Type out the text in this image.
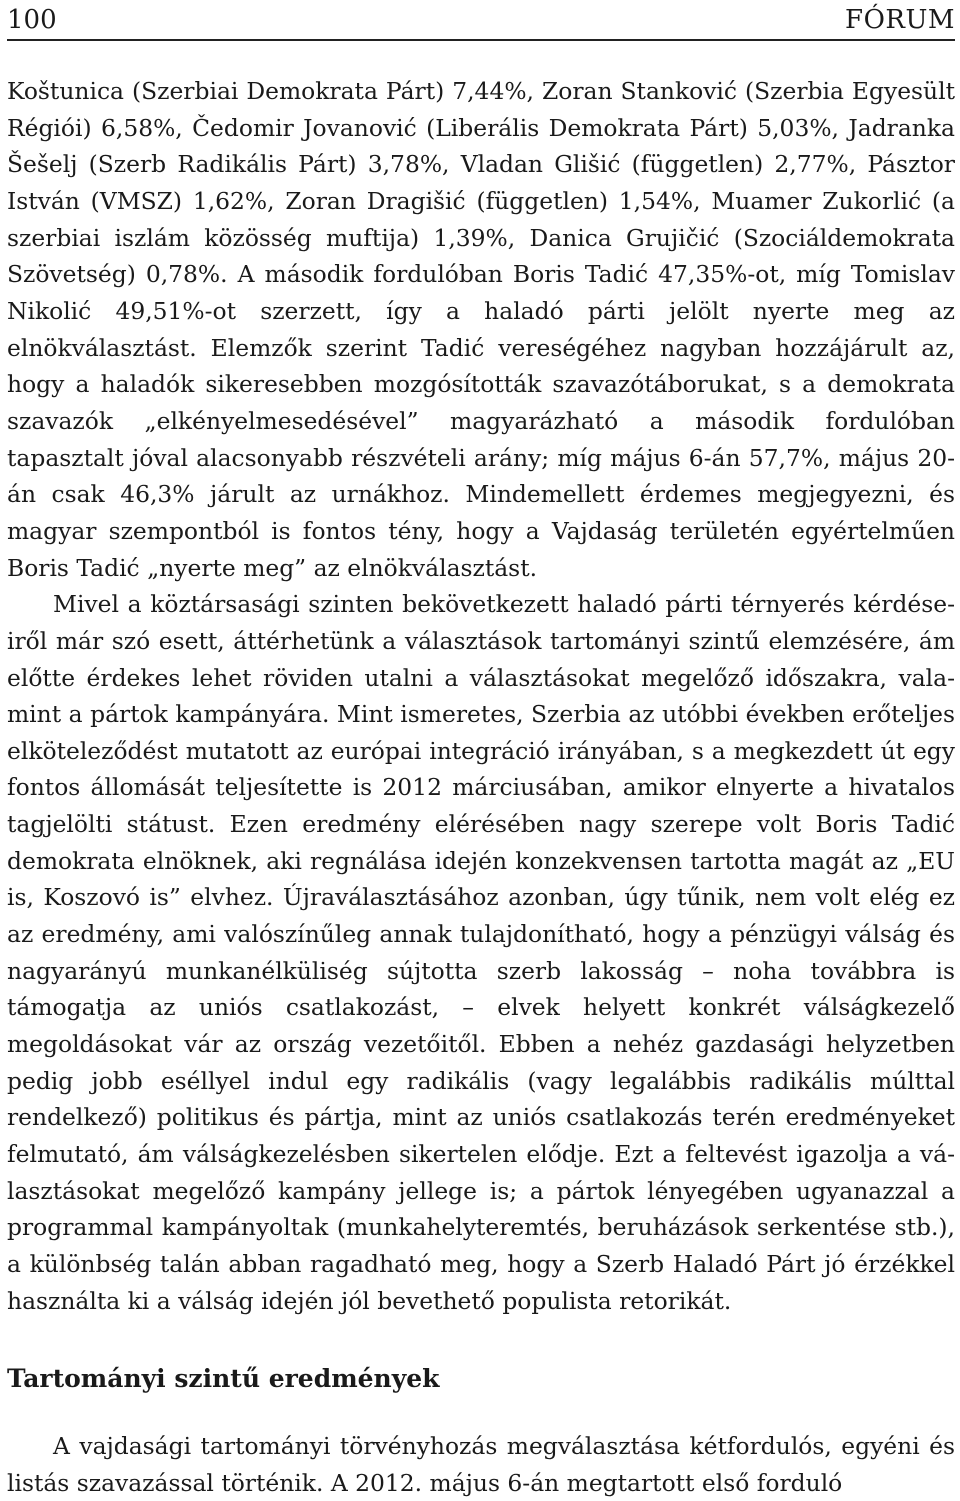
100	FÓRUM

Koštunica (Szerbiai Demokrata Párt) 7,44%, Zoran Stanković (Szerbia Egyesült Régiói) 6,58%, Čedomir Jovanović (Liberális Demokrata Párt) 5,03%, Jadranka Šešelj (Szerb Radikális Párt) 3,78%, Vladan Glišić (független) 2,77%, Pásztor István (VMSZ) 1,62%, Zoran Dragišić (független) 1,54%, Muamer Zukorlić (a szerbiai iszlám közösség muftija) 1,39%, Danica Grujičić (Szociáldemokrata Szövetség) 0,78%. A második fordulóban Boris Tadić 47,35%-ot, míg Tomislav Nikolić 49,51%-ot szerzett, így a haladó párti jelölt nyerte meg az elnökválasztást. Elemzők szerint Tadić vereségéhez nagyban hozzájárult az, hogy a haladók sikeresebben mozgósították szavazótáborukat, s a demokrata szavazók „elkényelmesedésével” magyarázható a második fordulóban tapasztalt jóval alacsonyabb részvételi arány; míg május 6-án 57,7%, május 20-án csak 46,3% járult az urnákhoz. Mindemellett érdemes megjegyezni, és magyar szempontból is fontos tény, hogy a Vajdaság területén egyértelműen Boris Tadić „nyerte meg” az elnökválasztást.

Mivel a köztársasági szinten bekövetkezett haladó párti térnyerés kérdéseiről már szó esett, áttérhetünk a választások tartományi szintű elemzésére, ám előtte érdekes lehet röviden utalni a választásokat megelőző időszakra, valamint a pártok kampányára. Mint ismeretes, Szerbia az utóbbi években erőteljes elköteleződést mutatott az európai integráció irányában, s a megkezdett út egy fontos állomását teljesítette is 2012 márciusában, amikor elnyerte a hivatalos tagjelölti státust. Ezen eredmény elérésében nagy szerepe volt Boris Tadić demokrata elnöknek, aki regnálása idején konzekvensen tartotta magát az „EU is, Koszovó is” elvhez. Újraválasztásához azonban, úgy tűnik, nem volt elég ez az eredmény, ami valószínűleg annak tulajdonítható, hogy a pénzügyi válság és nagyarányú munkanélküliség sújtotta szerb lakosság – noha továbbra is támogatja az uniós csatlakozást, – elvek helyett konkrét válságkezelő megoldásokat vár az ország vezetőitől. Ebben a nehéz gazdasági helyzetben pedig jobb eséllyel indul egy radikális (vagy legalábbis radikális múlttal rendelkező) politikus és pártja, mint az uniós csatlakozás terén eredményeket felmutató, ám válságkezelésben sikertelen elődje. Ezt a feltevést igazolja a választásokat megelőző kampány jellege is; a pártok lényegében ugyanazzal a programmal kampányoltak (munkahelyteremtés, beruházások serkentése stb.), a különbség talán abban ragadható meg, hogy a Szerb Haladó Párt jó érzékkel használta ki a válság idején jól bevethető populista retorikát.

Tartományi szintű eredmények

A vajdasági tartományi törvényhozás megválasztása kétfordulós, egyéni és listás szavazással történik. A 2012. május 6-án megtartott első forduló
